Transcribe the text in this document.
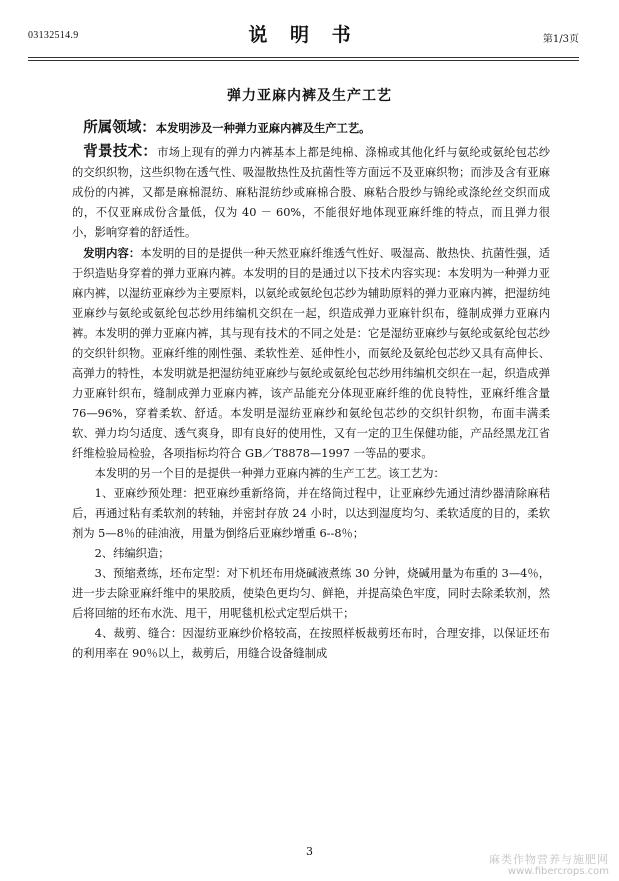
03132514.9	说 明 书	第1/3页
弹力亚麻内裤及生产工艺

所属领域：本发明涉及一种弹力亚麻内裤及生产工艺。

背景技术：市场上现有的弹力内裤基本上都是纯棉、涤棉或其他化纤与氨纶或氨纶包芯纱的交织织物，这些织物在透气性、吸湿散热性及抗菌性等方面远不及亚麻织物；而涉及含有亚麻成份的内裤，又都是麻棉混纺、麻粘混纺纱或麻棉合股、麻粘合股纱与锦纶或涤纶丝交织而成的，不仅亚麻成份含量低，仅为 40 － 60%，不能很好地体现亚麻纤维的特点，而且弹力很小，影响穿着的舒适性。

发明内容：本发明的目的是提供一种天然亚麻纤维透气性好、吸湿高、散热快、抗菌性强，适于织造贴身穿着的弹力亚麻内裤。本发明的目的是通过以下技术内容实现：本发明为一种弹力亚麻内裤，以湿纺亚麻纱为主要原料，以氨纶或氨纶包芯纱为辅助原料的弹力亚麻内裤，把湿纺纯亚麻纱与氨纶或氨纶包芯纱用纬编机交织在一起，织造成弹力亚麻针织布，缝制成弹力亚麻内裤。本发明的弹力亚麻内裤，其与现有技术的不同之处是：它是湿纺亚麻纱与氨纶或氨纶包芯纱的交织针织物。亚麻纤维的刚性强、柔软性差、延伸性小，而氨纶及氨纶包芯纱又具有高伸长、高弹力的特性，本发明就是把湿纺纯亚麻纱与氨纶或氨纶包芯纱用纬编机交织在一起，织造成弹力亚麻针织布，缝制成弹力亚麻内裤，该产品能充分体现亚麻纤维的优良特性，亚麻纤维含量 76—96%，穿着柔软、舒适。本发明是湿纺亚麻纱和氨纶包芯纱的交织针织物，布面丰满柔软、弹力均匀适度、透气爽身，即有良好的使用性，又有一定的卫生保健功能，产品经黑龙江省纤维检验局检验，各项指标均符合 GB／T8878—1997 一等品的要求。

本发明的另一个目的是提供一种弹力亚麻内裤的生产工艺。该工艺为：

1、亚麻纱预处理：把亚麻纱重新络筒，并在络筒过程中，让亚麻纱先通过清纱器清除麻秸后，再通过粘有柔软剂的转轴，并密封存放 24 小时，以达到湿度均匀、柔软适度的目的，柔软剂为 5—8％的硅油液，用量为倒络后亚麻纱增重 6--8％；

2、纬编织造；

3、预缩煮练，坯布定型：对下机坯布用烧碱液煮练 30 分钟，烧碱用量为布重的 3—4％，进一步去除亚麻纤维中的果胶质，使染色更均匀、鲜艳，并提高染色牢度，同时去除柔软剂，然后将回缩的坯布水洗、甩干，用呢毯机松式定型后烘干；

4、裁剪、缝合：因湿纺亚麻纱价格较高，在按照样板裁剪坯布时，合理安排，以保证坯布的利用率在 90％以上，裁剪后，用缝合设备缝制成

3
麻类作物营养与施肥网
www.fibercrops.com
